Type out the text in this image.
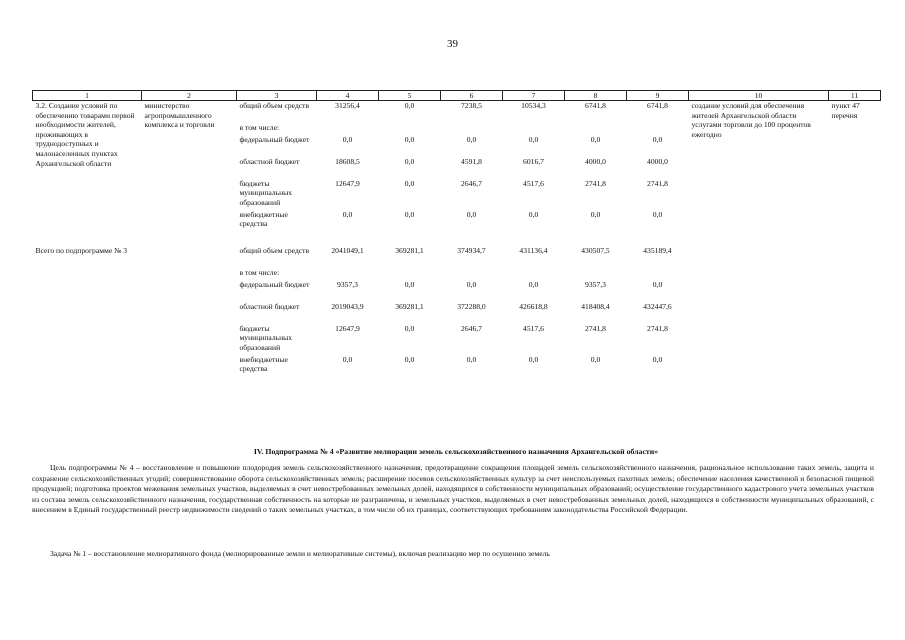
39
1	2	3	4	5	6	7	8	9	10	11
3.2. Создание условий по обеспечению товарами первой необходимости жителей, проживающих в труднодоступных и малонаселенных пунктах Архангельской области	министерство агропромышленного комплекса и торговли	общий объем средств	31256,4	0,0	7238,5	10534,3	6741,8	6741,8	создание условий для обеспечения жителей Архангельской области услугами торговли до 100 процентов ежегодно	пункт 47 перечня
		в том числе:								
		федеральный бюджет	0,0	0,0	0,0	0,0	0,0	0,0		
		областной бюджет	18608,5	0,0	4591,8	6016,7	4000,0	4000,0		
		бюджеты муниципальных образований	12647,9	0,0	2646,7	4517,6	2741,8	2741,8		
		внебюджетные средства	0,0	0,0	0,0	0,0	0,0	0,0		

Всего по подпрограмме № 3		общий объем средств	2041049,1	369281,1	374934,7	431136,4	430507,5	435189,4		
		в том числе:								
		федеральный бюджет	9357,3	0,0	0,0	0,0	9357,3	0,0		
		областной бюджет	2019043,9	369281,1	372288,0	426618,8	418408,4	432447,6		
		бюджеты муниципальных образований	12647,9	0,0	2646,7	4517,6	2741,8	2741,8		
		внебюджетные средства	0,0	0,0	0,0	0,0	0,0	0,0		
IV. Подпрограмма № 4 «Развитие мелиорации земель сельскохозяйственного назначения Архангельской области»
Цель подпрограммы № 4 – восстановление и повышение плодородия земель сельскохозяйственного назначения, предотвращение сокращения площадей земель сельскохозяйственного назначения, рациональное использование таких земель, защита и сохранение сельскохозяйственных угодий; совершенствование оборота сельскохозяйственных земель; расширение посевов сельскохозяйственных культур за счет неиспользуемых пахотных земель; обеспечение населения качественной и безопасной пищевой продукцией; подготовка проектов межевания земельных участков, выделяемых в счет невостребованных земельных долей, находящихся в собственности муниципальных образований; осуществление государственного кадастрового учета земельных участков из состава земель сельскохозяйственного назначения, государственная собственность на которые не разграничена, и земельных участков, выделяемых в счет невостребованных земельных долей, находящихся в собственности муниципальных образований, с внесением в Единый государственный реестр недвижимости сведений о таких земельных участках, в том числе об их границах, соответствующих требованиям законодательства Российской Федерации.
Задача № 1 – восстановление мелиоративного фонда (мелиорированные земли и мелиоративные системы), включая реализацию мер по осушению земель
